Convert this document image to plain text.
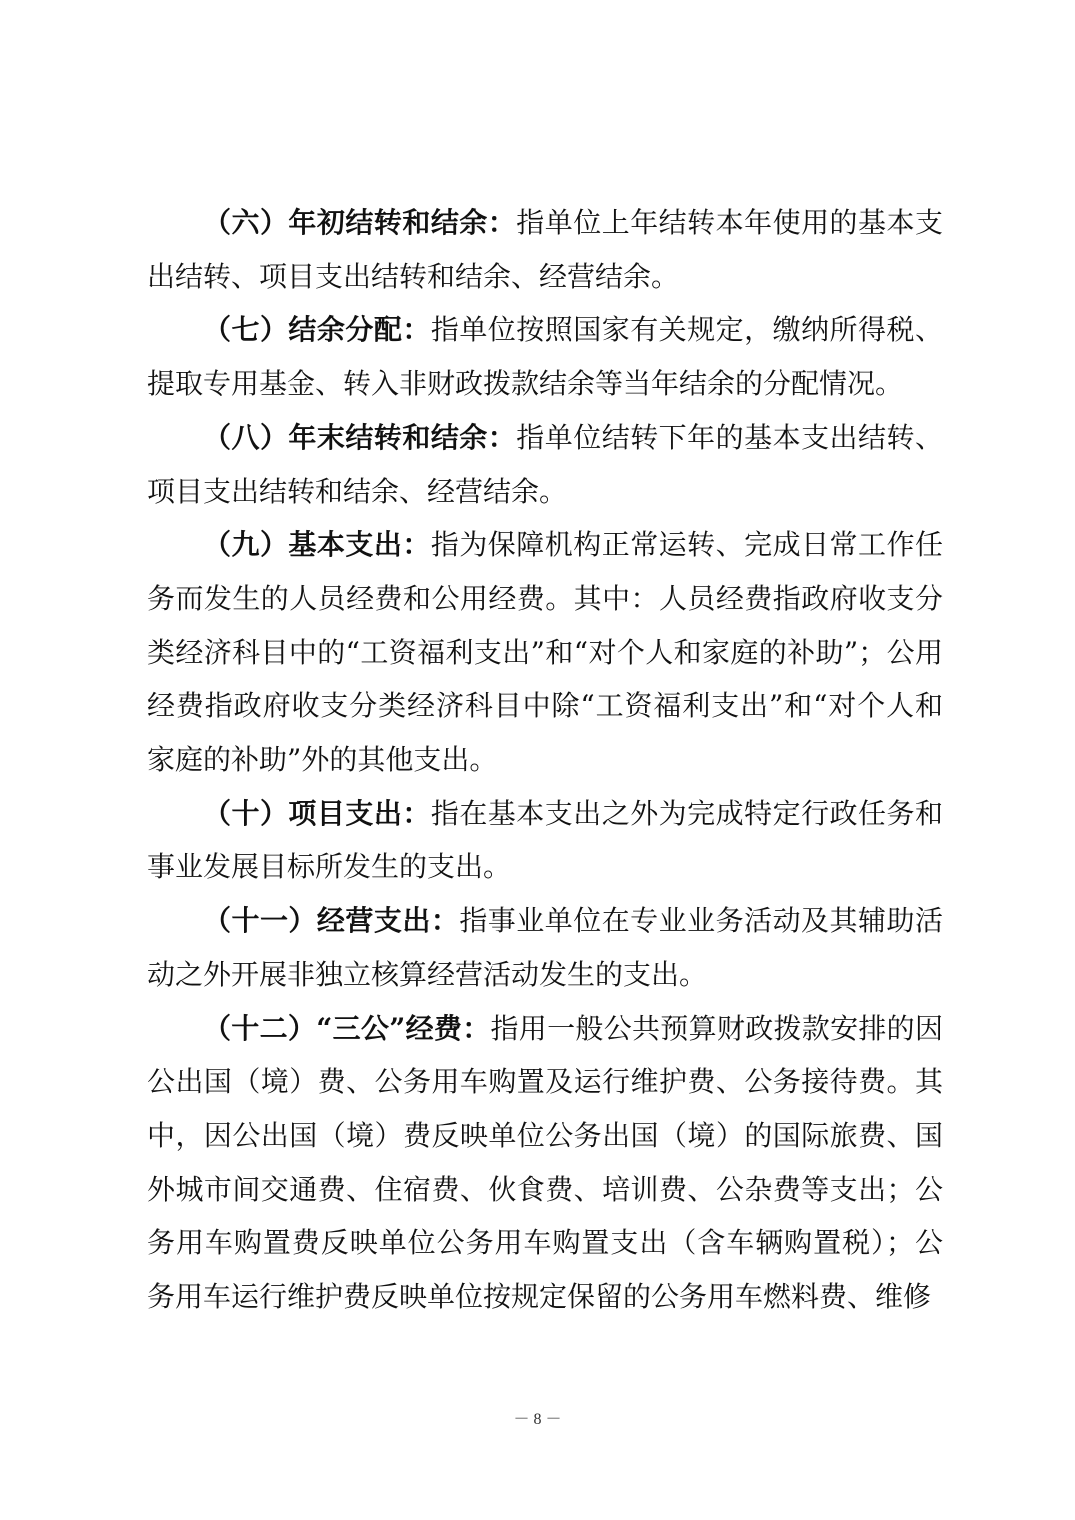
（六）年初结转和结余：指单位上年结转本年使用的基本支出结转、项目支出结转和结余、经营结余。

（七）结余分配：指单位按照国家有关规定，缴纳所得税、提取专用基金、转入非财政拨款结余等当年结余的分配情况。

（八）年末结转和结余：指单位结转下年的基本支出结转、项目支出结转和结余、经营结余。

（九）基本支出：指为保障机构正常运转、完成日常工作任务而发生的人员经费和公用经费。其中：人员经费指政府收支分类经济科目中的“工资福利支出”和“对个人和家庭的补助”；公用经费指政府收支分类经济科目中除“工资福利支出”和“对个人和家庭的补助”外的其他支出。

（十）项目支出：指在基本支出之外为完成特定行政任务和事业发展目标所发生的支出。

（十一）经营支出：指事业单位在专业业务活动及其辅助活动之外开展非独立核算经营活动发生的支出。

（十二）“三公”经费：指用一般公共预算财政拨款安排的因公出国（境）费、公务用车购置及运行维护费、公务接待费。其中，因公出国（境）费反映单位公务出国（境）的国际旅费、国外城市间交通费、住宿费、伙食费、培训费、公杂费等支出；公务用车购置费反映单位公务用车购置支出（含车辆购置税）；公务用车运行维护费反映单位按规定保留的公务用车燃料费、维修

－ 8 －
